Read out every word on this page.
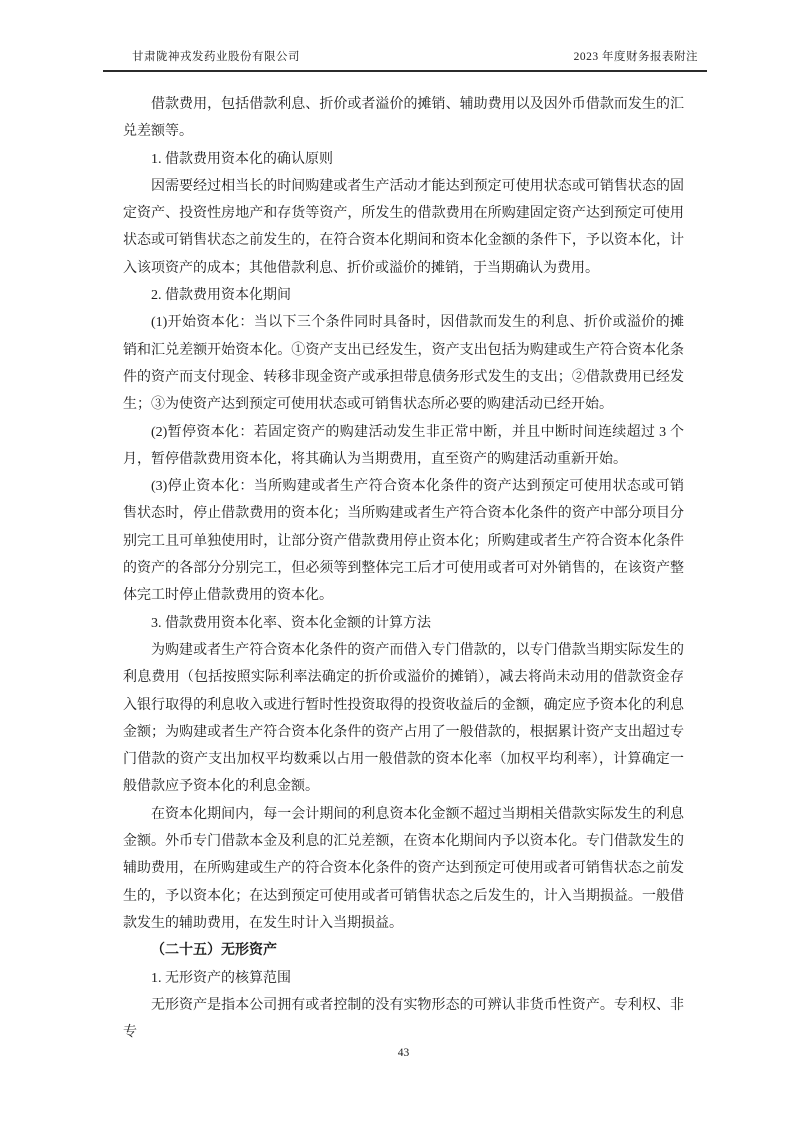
甘肃陇神戎发药业股份有限公司	2023 年度财务报表附注

借款费用，包括借款利息、折价或者溢价的摊销、辅助费用以及因外币借款而发生的汇兑差额等。

1. 借款费用资本化的确认原则

因需要经过相当长的时间购建或者生产活动才能达到预定可使用状态或可销售状态的固定资产、投资性房地产和存货等资产，所发生的借款费用在所购建固定资产达到预定可使用状态或可销售状态之前发生的，在符合资本化期间和资本化金额的条件下，予以资本化，计入该项资产的成本；其他借款利息、折价或溢价的摊销，于当期确认为费用。

2. 借款费用资本化期间

(1)开始资本化：当以下三个条件同时具备时，因借款而发生的利息、折价或溢价的摊销和汇兑差额开始资本化。①资产支出已经发生，资产支出包括为购建或生产符合资本化条件的资产而支付现金、转移非现金资产或承担带息债务形式发生的支出；②借款费用已经发生；③为使资产达到预定可使用状态或可销售状态所必要的购建活动已经开始。

(2)暂停资本化：若固定资产的购建活动发生非正常中断，并且中断时间连续超过 3 个月，暂停借款费用资本化，将其确认为当期费用，直至资产的购建活动重新开始。

(3)停止资本化：当所购建或者生产符合资本化条件的资产达到预定可使用状态或可销售状态时，停止借款费用的资本化；当所购建或者生产符合资本化条件的资产中部分项目分别完工且可单独使用时，让部分资产借款费用停止资本化；所购建或者生产符合资本化条件的资产的各部分分别完工，但必须等到整体完工后才可使用或者可对外销售的，在该资产整体完工时停止借款费用的资本化。

3. 借款费用资本化率、资本化金额的计算方法

为购建或者生产符合资本化条件的资产而借入专门借款的，以专门借款当期实际发生的利息费用（包括按照实际利率法确定的折价或溢价的摊销），减去将尚未动用的借款资金存入银行取得的利息收入或进行暂时性投资取得的投资收益后的金额，确定应予资本化的利息金额；为购建或者生产符合资本化条件的资产占用了一般借款的，根据累计资产支出超过专门借款的资产支出加权平均数乘以占用一般借款的资本化率（加权平均利率），计算确定一般借款应予资本化的利息金额。

在资本化期间内，每一会计期间的利息资本化金额不超过当期相关借款实际发生的利息金额。外币专门借款本金及利息的汇兑差额，在资本化期间内予以资本化。专门借款发生的辅助费用，在所购建或生产的符合资本化条件的资产达到预定可使用或者可销售状态之前发生的，予以资本化；在达到预定可使用或者可销售状态之后发生的，计入当期损益。一般借款发生的辅助费用，在发生时计入当期损益。

（二十五）无形资产

1. 无形资产的核算范围

无形资产是指本公司拥有或者控制的没有实物形态的可辨认非货币性资产。专利权、非专

43
